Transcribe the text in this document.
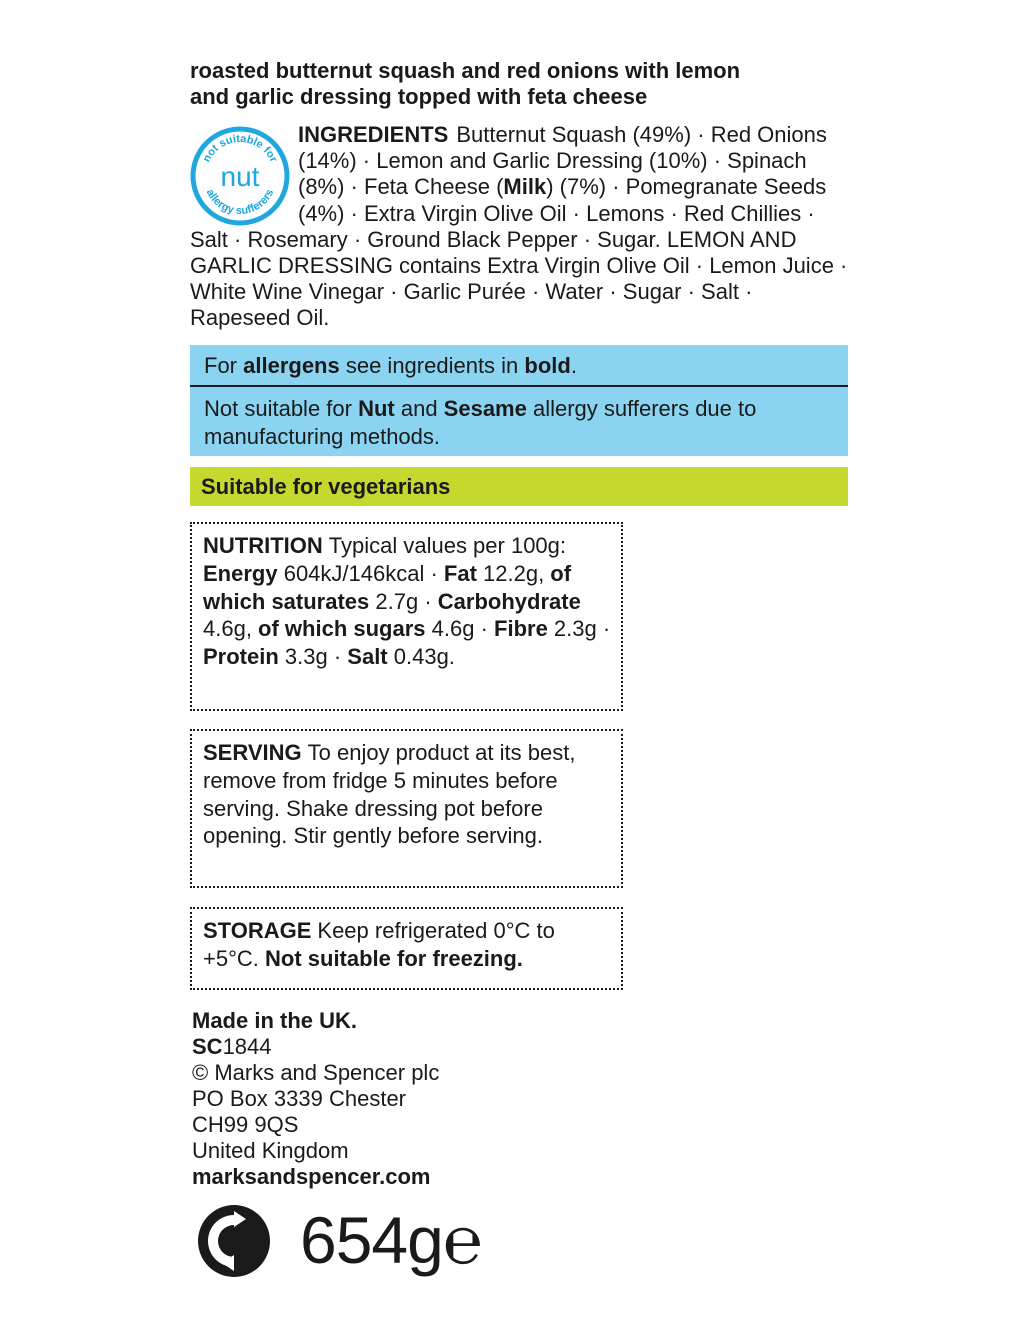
roasted butternut squash and red onions with lemon
and garlic dressing topped with feta cheese
not suitable for
allergy sufferers
nut
INGREDIENTS Butternut Squash (49%) · Red Onions (14%) · Lemon and Garlic Dressing (10%) · Spinach (8%) · Feta Cheese (Milk) (7%) · Pomegranate Seeds (4%) · Extra Virgin Olive Oil · Lemons · Red Chillies · Salt · Rosemary · Ground Black Pepper · Sugar. LEMON AND GARLIC DRESSING contains Extra Virgin Olive Oil · Lemon Juice · White Wine Vinegar · Garlic Purée · Water · Sugar · Salt · Rapeseed Oil.
For allergens see ingredients in bold.
Not suitable for Nut and Sesame allergy sufferers due to manufacturing methods.
Suitable for vegetarians
NUTRITION Typical values per 100g: Energy 604kJ/146kcal · Fat 12.2g, of which saturates 2.7g · Carbohydrate 4.6g, of which sugars 4.6g · Fibre 2.3g · Protein 3.3g · Salt 0.43g.
SERVING To enjoy product at its best, remove from fridge 5 minutes before serving. Shake dressing pot before opening. Stir gently before serving.
STORAGE Keep refrigerated 0°C to +5°C. Not suitable for freezing.
Made in the UK.
SC1844
© Marks and Spencer plc
PO Box 3339 Chester
CH99 9QS
United Kingdom
marksandspencer.com
654g℮
